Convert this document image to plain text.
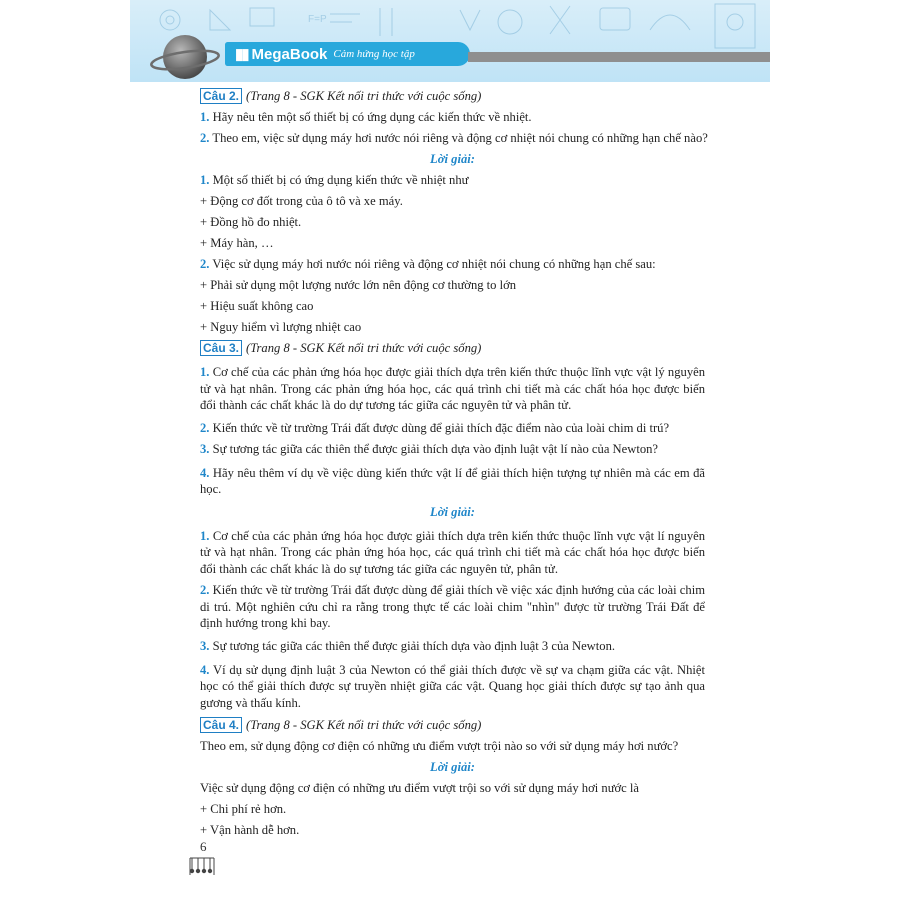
F=P
▮▮ MegaBook Cảm hứng học tập
Câu 2. (Trang 8 - SGK Kết nối tri thức với cuộc sống)
1. Hãy nêu tên một số thiết bị có ứng dụng các kiến thức về nhiệt.
2. Theo em, việc sử dụng máy hơi nước nói riêng và động cơ nhiệt nói chung có những hạn chế nào?
Lời giải:
1. Một số thiết bị có ứng dụng kiến thức về nhiệt như
+ Động cơ đốt trong của ô tô và xe máy.
+ Đồng hồ đo nhiệt.
+ Máy hàn, …
2. Việc sử dụng máy hơi nước nói riêng và động cơ nhiệt nói chung có những hạn chế sau:
+ Phải sử dụng một lượng nước lớn nên động cơ thường to lớn
+ Hiệu suất không cao
+ Nguy hiểm vì lượng nhiệt cao
Câu 3. (Trang 8 - SGK Kết nối tri thức với cuộc sống)
1. Cơ chế của các phản ứng hóa học được giải thích dựa trên kiến thức thuộc lĩnh vực vật lý nguyên tử và hạt nhân. Trong các phản ứng hóa học, các quá trình chi tiết mà các chất hóa học được biến đổi thành các chất khác là do dự tương tác giữa các nguyên tử và phân tử.
2. Kiến thức về từ trường Trái đất được dùng để giải thích đặc điểm nào của loài chim di trú?
3. Sự tương tác giữa các thiên thể được giải thích dựa vào định luật vật lí nào của Newton?
4. Hãy nêu thêm ví dụ về việc dùng kiến thức vật lí để giải thích hiện tượng tự nhiên mà các em đã học.
Lời giải:
1. Cơ chế của các phản ứng hóa học được giải thích dựa trên kiến thức thuộc lĩnh vực vật lí nguyên tử và hạt nhân. Trong các phản ứng hóa học, các quá trình chi tiết mà các chất hóa học được biến đổi thành các chất khác là do sự tương tác giữa các nguyên tử, phân tử.
2. Kiến thức về từ trường Trái đất được dùng để giải thích về việc xác định hướng của các loài chim di trú. Một nghiên cứu chỉ ra rằng trong thực tế các loài chim "nhìn" được từ trường Trái Đất để định hướng trong khi bay.
3. Sự tương tác giữa các thiên thể được giải thích dựa vào định luật 3 của Newton.
4. Ví dụ sử dụng định luật 3 của Newton có thể giải thích được về sự va chạm giữa các vật. Nhiệt học có thể giải thích được sự truyền nhiệt giữa các vật. Quang học giải thích được sự tạo ảnh qua gương và thấu kính.
Câu 4. (Trang 8 - SGK Kết nối tri thức với cuộc sống)
Theo em, sử dụng động cơ điện có những ưu điểm vượt trội nào so với sử dụng máy hơi nước?
Lời giải:
Việc sử dụng động cơ điện có những ưu điểm vượt trội so với sử dụng máy hơi nước là
+ Chi phí rẻ hơn.
+ Vận hành dễ hơn.
6
